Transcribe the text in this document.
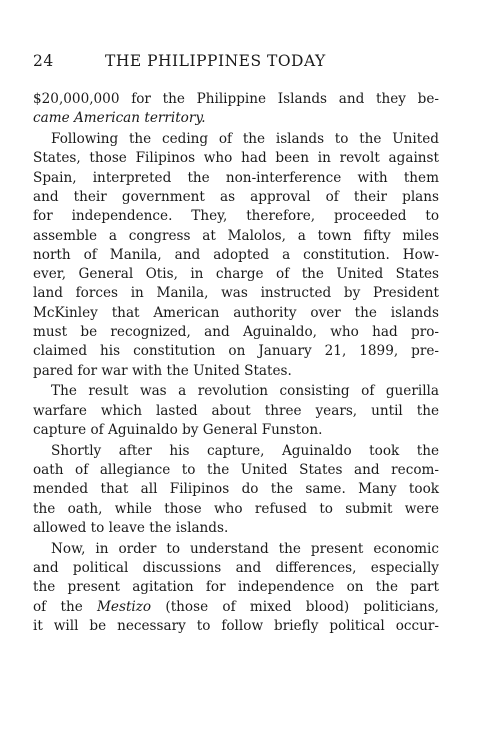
24	THE PHILIPPINES TODAY
$20,000,000 for the Philippine Islands and they be-
came American territory.
Following the ceding of the islands to the United
States, those Filipinos who had been in revolt against
Spain, interpreted the non-interference with them
and their government as approval of their plans
for independence. They, therefore, proceeded to
assemble a congress at Malolos, a town fifty miles
north of Manila, and adopted a constitution. How-
ever, General Otis, in charge of the United States
land forces in Manila, was instructed by President
McKinley that American authority over the islands
must be recognized, and Aguinaldo, who had pro-
claimed his constitution on January 21, 1899, pre-
pared for war with the United States.
The result was a revolution consisting of guerilla
warfare which lasted about three years, until the
capture of Aguinaldo by General Funston.
Shortly after his capture, Aguinaldo took the
oath of allegiance to the United States and recom-
mended that all Filipinos do the same. Many took
the oath, while those who refused to submit were
allowed to leave the islands.
Now, in order to understand the present economic
and political discussions and differences, especially
the present agitation for independence on the part
of the Mestizo (those of mixed blood) politicians,
it will be necessary to follow briefly political occur-
